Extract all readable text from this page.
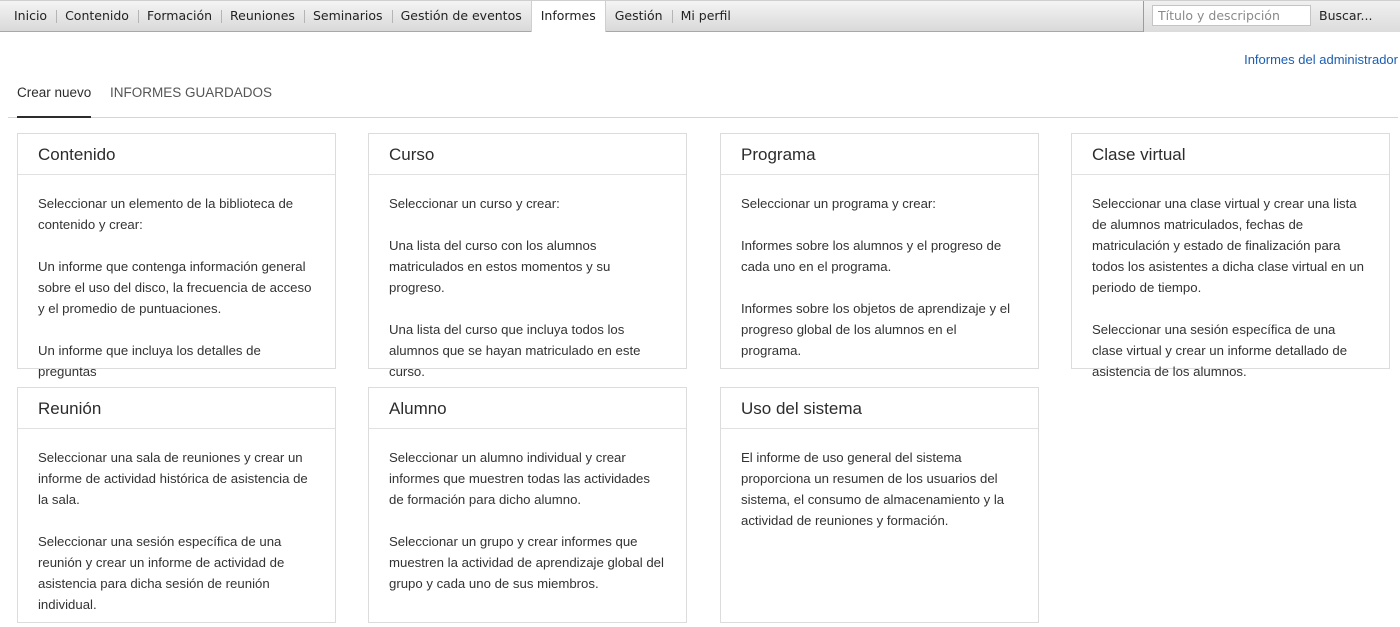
Inicio	Contenido	Formación	Reuniones	Seminarios	Gestión de eventos	Informes	Gestión	Mi perfil
Título y descripción	Buscar...
Informes del administrador
Crear nuevo INFORMES GUARDADOS
Contenido

Seleccionar un elemento de la biblioteca de contenido y crear:

Un informe que contenga información general sobre el uso del disco, la frecuencia de acceso y el promedio de puntuaciones.

Un informe que incluya los detalles de preguntas

Curso

Seleccionar un curso y crear:

Una lista del curso con los alumnos matriculados en estos momentos y su progreso.

Una lista del curso que incluya todos los alumnos que se hayan matriculado en este curso.

Programa

Seleccionar un programa y crear:

Informes sobre los alumnos y el progreso de cada uno en el programa.

Informes sobre los objetos de aprendizaje y el progreso global de los alumnos en el programa.

Clase virtual

Seleccionar una clase virtual y crear una lista de alumnos matriculados, fechas de matriculación y estado de finalización para todos los asistentes a dicha clase virtual en un periodo de tiempo.

Seleccionar una sesión específica de una clase virtual y crear un informe detallado de asistencia de los alumnos.

Reunión

Seleccionar una sala de reuniones y crear un informe de actividad histórica de asistencia de la sala.

Seleccionar una sesión específica de una reunión y crear un informe de actividad de asistencia para dicha sesión de reunión individual.

Alumno

Seleccionar un alumno individual y crear informes que muestren todas las actividades de formación para dicho alumno.

Seleccionar un grupo y crear informes que muestren la actividad de aprendizaje global del grupo y cada uno de sus miembros.

Uso del sistema

El informe de uso general del sistema proporciona un resumen de los usuarios del sistema, el consumo de almacenamiento y la actividad de reuniones y formación.
